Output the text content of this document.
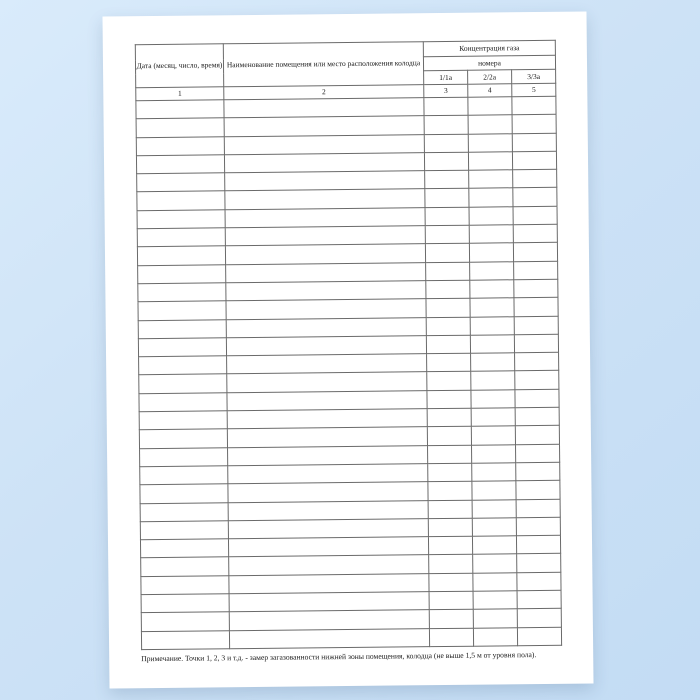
Дата (месяц, число, время)	Наименование помещения или место расположения колодца	Концентрация газа		
		номера		
		1/1а	2/2а	3/3а
1	2	3	4	5

Примечание. Точки 1, 2, 3 и т.д. - замер загазованности нижней зоны помещения, колодца (не выше 1,5 м от уровня пола).
